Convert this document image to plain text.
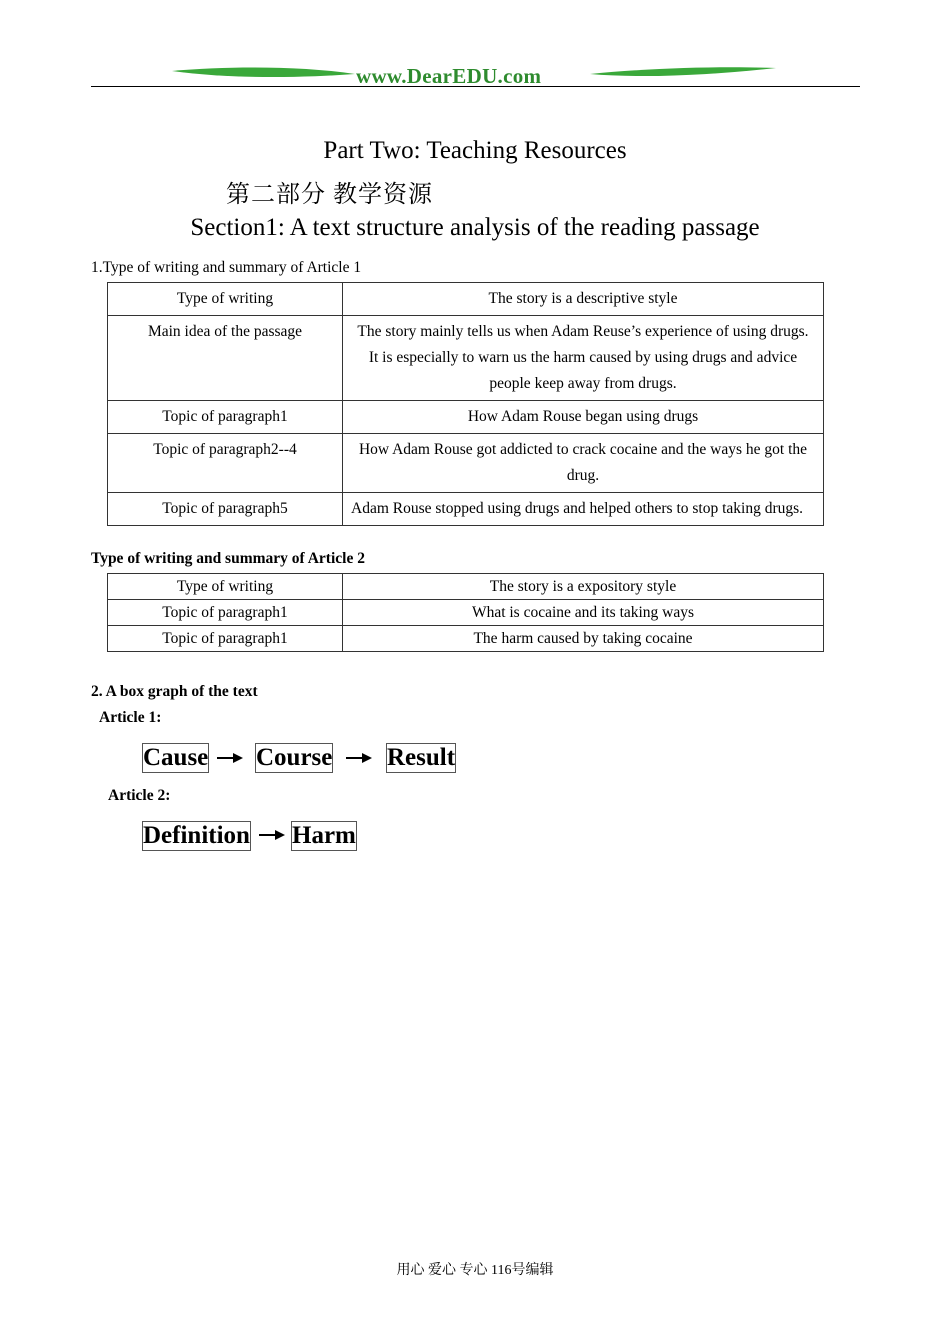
www.DearEDU.com
Part Two: Teaching Resources
第二部分 教学资源
Section1: A text structure analysis of the reading passage
1.Type of writing and summary of Article 1
Type of writing	The story is a descriptive style
Main idea of the passage	The story mainly tells us when Adam Reuse’s experience of using drugs. It is especially to warn us the harm caused by using drugs and advice people keep away from drugs.
Topic of paragraph1	How Adam Rouse began using drugs
Topic of paragraph2--4	How Adam Rouse got addicted to crack cocaine and the ways he got the drug.
Topic of paragraph5	Adam Rouse stopped using drugs and helped others to stop taking drugs.
Type of writing and summary of Article 2
Type of writing	The story is a expository style
Topic of paragraph1	What is cocaine and its taking ways
Topic of paragraph1	The harm caused by taking cocaine
2. A box graph of the text
Article 1:
Cause Course Result
Article 2:
Definition Harm
用心 爱心 专心 116号编辑
